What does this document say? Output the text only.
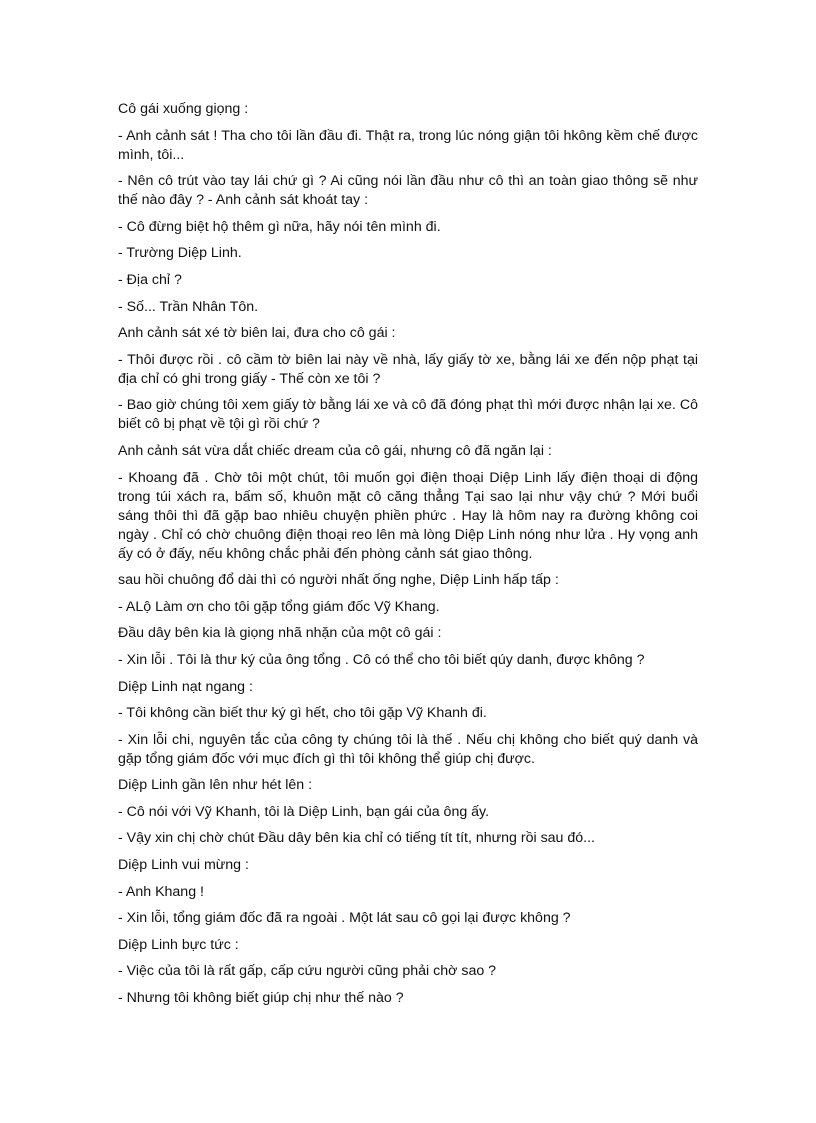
Cô gái xuống giọng :

- Anh cảnh sát ! Tha cho tôi lần đầu đi. Thật ra, trong lúc nóng giận tôi hkông kềm chế được mình, tôi...

- Nên cô trút vào tay lái chứ gì ? Ai cũng nói lần đầu như cô thì an toàn giao thông sẽ như thế nào đây ? - Anh cảnh sát khoát tay :

- Cô đừng biệt hộ thêm gì nữa, hãy nói tên mình đi.

- Trường Diệp Linh.

- Địa chỉ ?

- Số... Trần Nhân Tôn.

Anh cảnh sát xé tờ biên lai, đưa cho cô gái :

- Thôi được rồi . cô cầm tờ biên lai này về nhà, lấy giấy tờ xe, bằng lái xe đến nộp phạt tại địa chỉ có ghi trong giấy - Thế còn xe tôi ?

- Bao giờ chúng tôi xem giấy tờ bằng lái xe và cô đã đóng phạt thì mới được nhận lại xe. Cô biết cô bị phạt về tội gì rồi chứ ?

Anh cảnh sát vừa dắt chiếc dream của cô gái, nhưng cô đã ngăn lại :

- Khoang đã . Chờ tôi một chút, tôi muốn gọi điện thoại Diệp Linh lấy điện thoại di động trong túi xách ra, bấm số, khuôn mặt cô căng thẳng Tại sao lại như vậy chứ ? Mới buổi sáng thôi thì đã gặp bao nhiêu chuyện phiền phức . Hay là hôm nay ra đường không coi ngày . Chỉ có chờ chuông điện thoại reo lên mà lòng Diệp Linh nóng như lửa . Hy vọng anh ấy có ở đấy, nếu không chắc phải đến phòng cảnh sát giao thông.

sau hồi chuông đổ dài thì có người nhất ống nghe, Diệp Linh hấp tấp :

- ALộ Làm ơn cho tôi gặp tổng giám đốc Vỹ Khang.

Đầu dây bên kia là giọng nhã nhặn của một cô gái :

- Xin lỗi . Tôi là thư ký của ông tổng . Cô có thể cho tôi biết qúy danh, được không ?

Diệp Linh nạt ngang :

- Tôi không cần biết thư ký gì hết, cho tôi gặp Vỹ Khanh đi.

- Xin lỗi chi, nguyên tắc của công ty chúng tôi là thế . Nếu chị không cho biết quý danh và gặp tổng giám đốc với mục đích gì thì tôi không thể giúp chị được.

Diệp Linh gần lên như hét lên :

- Cô nói với Vỹ Khanh, tôi là Diệp Linh, bạn gái của ông ấy.

- Vậy xin chị chờ chút Đầu dây bên kia chỉ có tiếng tít tít, nhưng rồi sau đó...

Diệp Linh vui mừng :

- Anh Khang !

- Xin lỗi, tổng giám đốc đã ra ngoài . Một lát sau cô gọi lại được không ?

Diệp Linh bực tức :

- Việc của tôi là rất gấp, cấp cứu người cũng phải chờ sao ?

- Nhưng tôi không biết giúp chị như thế nào ?
